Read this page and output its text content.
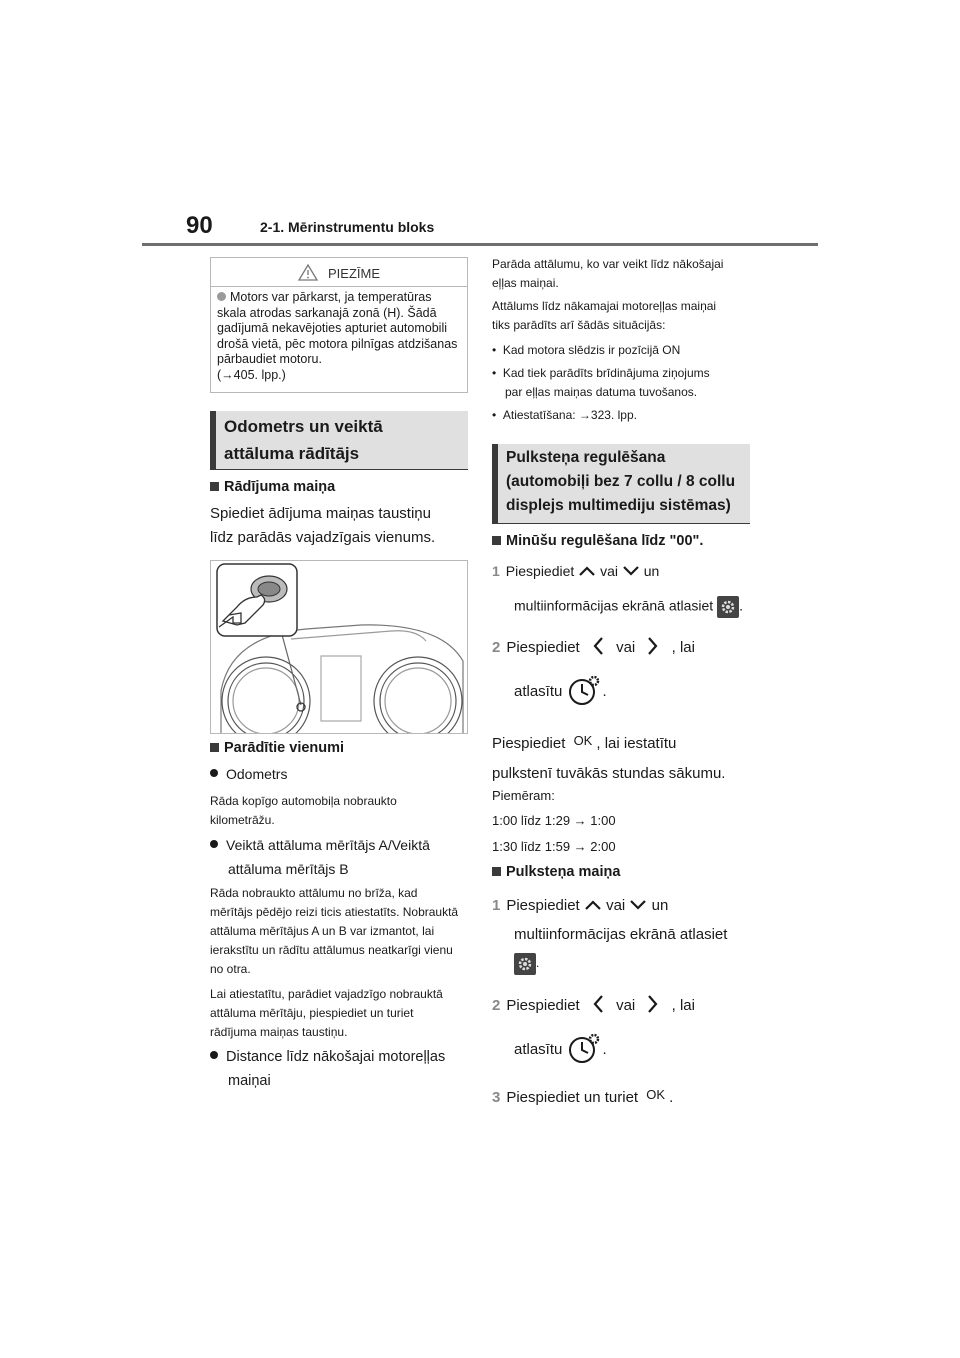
90	2-1. Mērinstrumentu bloks
PIEZĪME
Motors var pārkarst, ja temperatūras skala atrodas sarkanajā zonā (H). Šādā gadījumā nekavējoties apturiet automobili drošā vietā, pēc motora pilnīgas atdzišanas pārbaudiet motoru.
(→405. lpp.)
Odometrs un veiktā
attāluma rādītājs
Rādījuma maiņa
Spiediet ādījuma maiņas taustiņu
līdz parādās vajadzīgais vienums.
Parādītie vienumi
Odometrs
Rāda kopīgo automobiļa nobraukto
kilometrāžu.
Veiktā attāluma mērītājs A/Veiktā
attāluma mērītājs B
Rāda nobraukto attālumu no brīža, kad
mērītājs pēdējo reizi ticis atiestatīts. Nobrauktā
attāluma mērītājus A un B var izmantot, lai
ierakstītu un rādītu attālumus neatkarīgi vienu
no otra.
Lai atiestatītu, parādiet vajadzīgo nobrauktā
attāluma mērītāju, piespiediet un turiet
rādījuma maiņas taustiņu.
Distance līdz nākošajai motoreļļas
maiņai
Parāda attālumu, ko var veikt līdz nākošajai
eļļas maiņai.
Attālums līdz nākamajai motoreļļas maiņai
tiks parādīts arī šādās situācijās:
•  Kad motora slēdzis ir pozīcijā ON
•  Kad tiek parādīts brīdinājuma ziņojums
par eļļas maiņas datuma tuvošanos.
•  Atiestatīšana: →323. lpp.
Pulksteņa regulēšana
(automobiļi bez 7 collu / 8 collu
displejs multimediju sistēmas)
Minūšu regulēšana līdz "00".
1 Piespiediet vai un
multiinformācijas ekrānā atlasiet .
2 Piespiediet vai , lai
atlasītu	.
Piespiediet OK , lai iestatītu
pulkstenī tuvākās stundas sākumu.
Piemēram:
1:00 līdz 1:29 → 1:00
1:30 līdz 1:59 → 2:00
Pulksteņa maiņa
1 Piespiediet vai un
multiinformācijas ekrānā atlasiet
.
2 Piespiediet vai , lai
atlasītu	.
3 Piespiediet un turiet OK .
